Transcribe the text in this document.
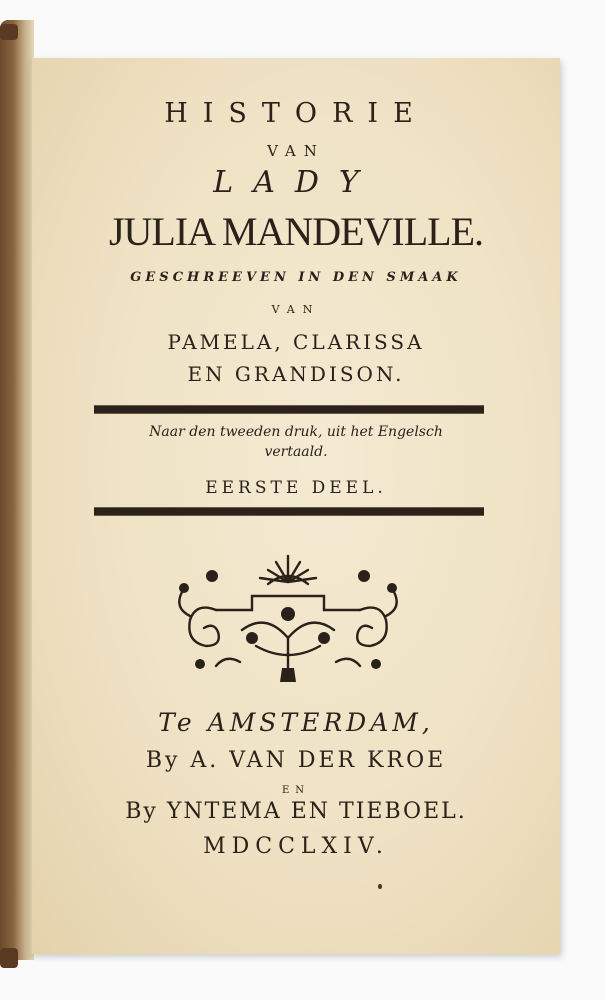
HISTORIE
VAN
LADY
JULIA MANDEVILLE.
GESCHREEVEN IN DEN SMAAK
VAN
PAMELA, CLARISSA
EN GRANDISON.
Naar den tweeden druk, uit het Engelsch
vertaald.
EERSTE DEEL.
Te AMSTERDAM,
By A. VAN DER KROE
EN
By YNTEMA EN TIEBOEL.
MDCCLXIV.
